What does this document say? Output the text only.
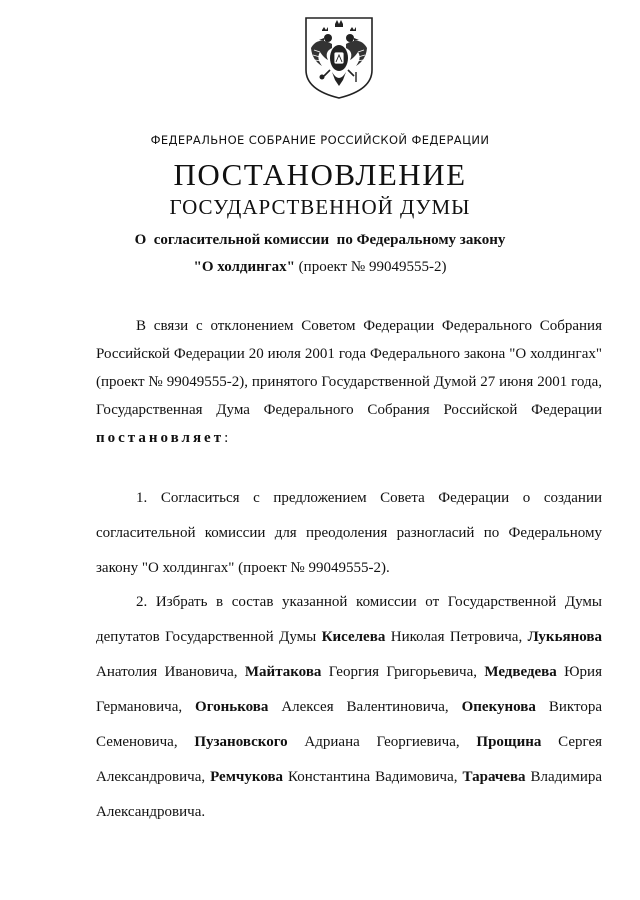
ФЕДЕРАЛЬНОЕ СОБРАНИЕ РОССИЙСКОЙ ФЕДЕРАЦИИ
ПОСТАНОВЛЕНИЕ
ГОСУДАРСТВЕННОЙ ДУМЫ
О  согласительной комиссии  по Федеральному закону
"О холдингах" (проект № 99049555-2)
В связи с отклонением Советом Федерации Федерального Собрания Российской Федерации 20 июля 2001 года Федерального закона "О холдингах" (проект № 99049555-2), принятого Государственной Думой 27 июня 2001 года, Государственная Дума Федерального Собрания Российской Федерации постановляет:
1. Согласиться с предложением Совета Федерации о создании согласительной комиссии для преодоления разногласий по Федеральному закону "О холдингах" (проект № 99049555-2).
2. Избрать в состав указанной комиссии от Государственной Думы депутатов Государственной Думы Киселева Николая Петровича, Лукьянова Анатолия Ивановича, Майтакова Георгия Григорьевича, Медведева Юрия Германовича, Огонькова Алексея Валентиновича, Опекунова Виктора Семеновича, Пузановского Адриана Георгиевича, Прощина Сергея Александровича, Ремчукова Константина Вадимовича, Тарачева Владимира Александровича.
